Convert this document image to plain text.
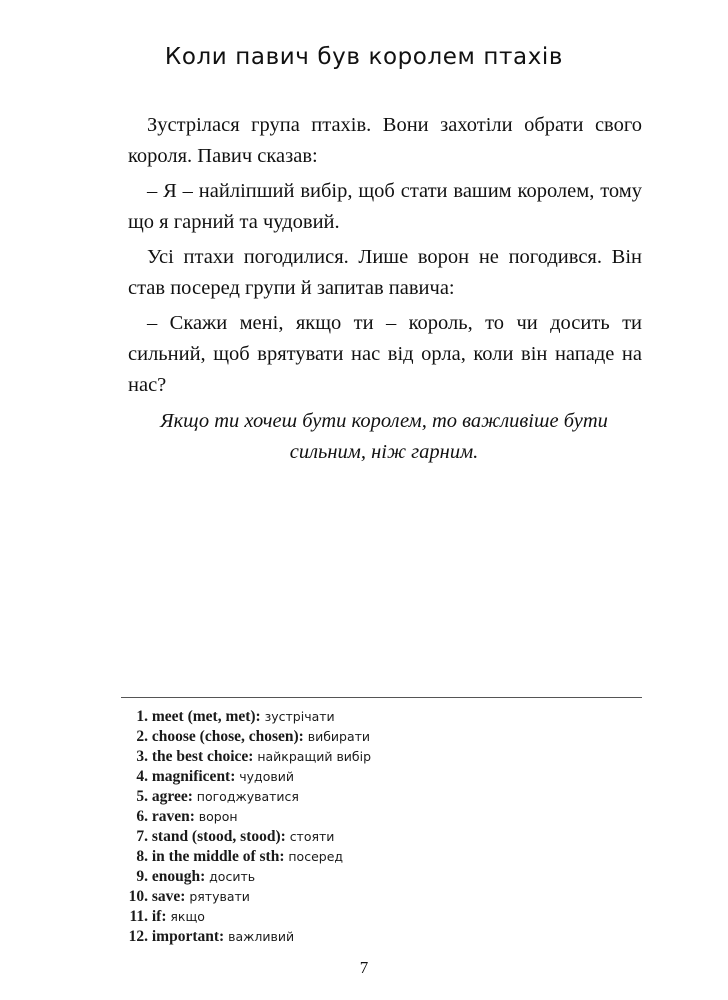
Коли павич був королем птахів

Зустрілася група птахів. Вони захотіли обрати свого короля. Павич сказав:

– Я – найліпший вибір, щоб стати вашим королем, тому що я гарний та чудовий.

Усі птахи погодилися. Лише ворон не погодився. Він став посеред групи й запитав павича:

– Скажи мені, якщо ти – король, то чи досить ти сильний, щоб врятувати нас від орла, коли він нападе на нас?

Якщо ти хочеш бути королем, то важливіше бути сильним, ніж гарним.
1. meet (met, met): зустрічати
2. choose (chose, chosen): вибирати
3. the best choice: найкращий вибір
4. magnificent: чудовий
5. agree: погоджуватися
6. raven: ворон
7. stand (stood, stood): стояти
8. in the middle of sth: посеред
9. enough: досить
10. save: рятувати
11. if: якщо
12. important: важливий
7
